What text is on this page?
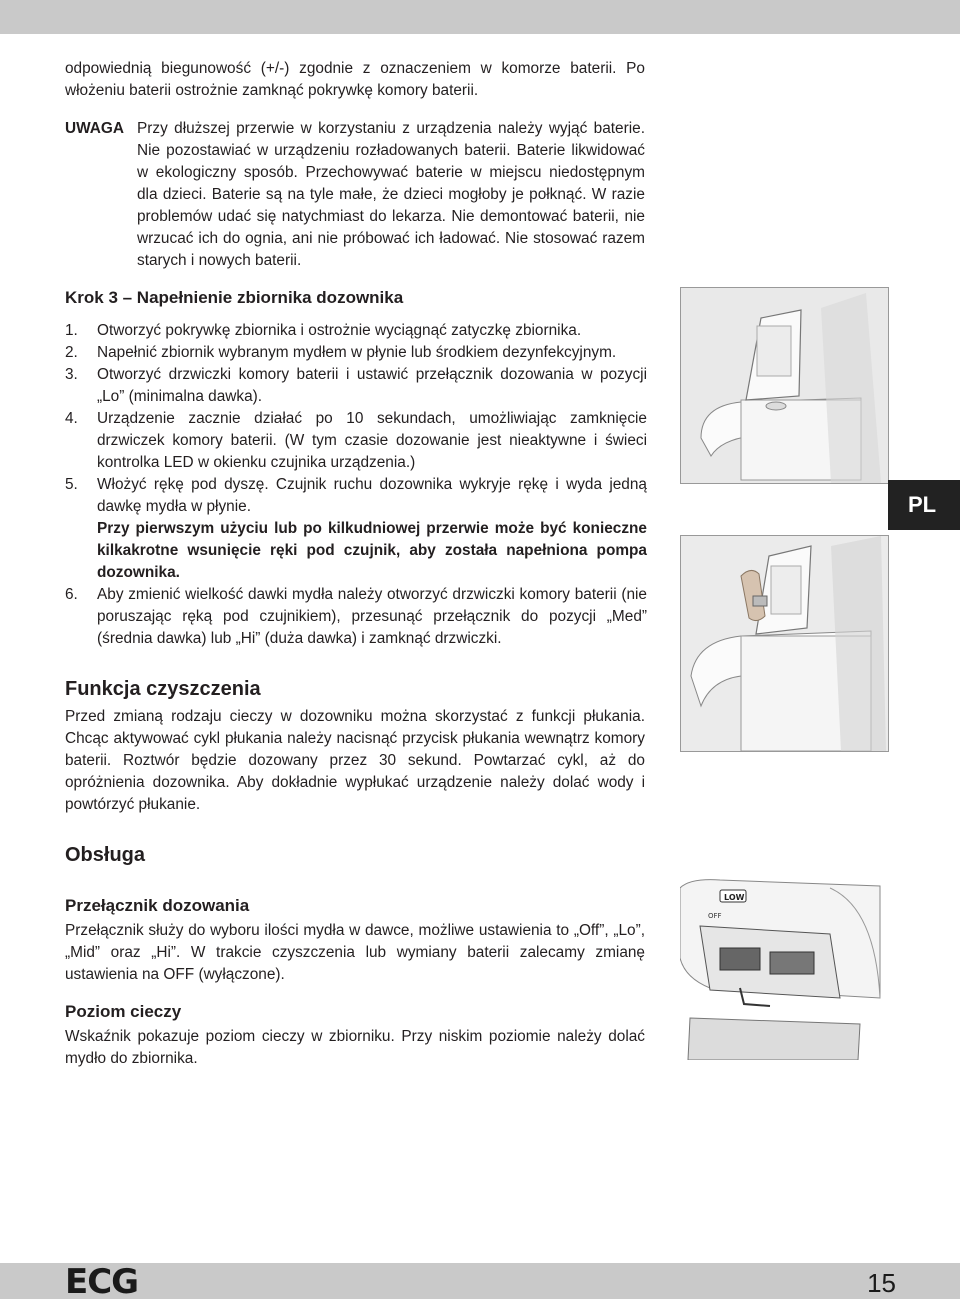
odpowiednią biegunowość (+/-) zgodnie z oznaczeniem w komorze baterii. Po włożeniu baterii ostrożnie zamknąć pokrywkę komory baterii.

UWAGA Przy dłuższej przerwie w korzystaniu z urządzenia należy wyjąć baterie. Nie pozostawiać w urządzeniu rozładowanych baterii. Baterie likwidować w ekologiczny sposób. Przechowywać baterie w miejscu niedostępnym dla dzieci. Baterie są na tyle małe, że dzieci mogłoby je połknąć. W razie problemów udać się natychmiast do lekarza. Nie demontować baterii, nie wrzucać ich do ognia, ani nie próbować ich ładować. Nie stosować razem starych i nowych baterii.
Krok 3 – Napełnienie zbiornika dozownika
1.	Otworzyć pokrywkę zbiornika i ostrożnie wyciągnąć zatyczkę zbiornika.
2.	Napełnić zbiornik wybranym mydłem w płynie lub środkiem dezynfekcyjnym.
3.	Otworzyć drzwiczki komory baterii i ustawić przełącznik dozowania w pozycji „Lo” (minimalna dawka).
4.	Urządzenie zacznie działać po 10 sekundach, umożliwiając zamknięcie drzwiczek komory baterii. (W tym czasie dozowanie jest nieaktywne i świeci kontrolka LED w okienku czujnika urządzenia.)
5.	Włożyć rękę pod dyszę. Czujnik ruchu dozownika wykryje rękę i wyda jedną dawkę mydła w płynie.
Przy pierwszym użyciu lub po kilkudniowej przerwie może być konieczne kilkakrotne wsunięcie ręki pod czujnik, aby została napełniona pompa dozownika.
6.	Aby zmienić wielkość dawki mydła należy otworzyć drzwiczki komory baterii (nie poruszając ręką pod czujnikiem), przesunąć przełącznik do pozycji „Med” (średnia dawka) lub „Hi” (duża dawka) i zamknąć drzwiczki.
Funkcja czyszczenia

Przed zmianą rodzaju cieczy w dozowniku można skorzystać z funkcji płukania. Chcąc aktywować cykl płukania należy nacisnąć przycisk płukania wewnątrz komory baterii. Roztwór będzie dozowany przez 30 sekund. Powtarzać cykl, aż do opróżnienia dozownika. Aby dokładnie wypłukać urządzenie należy dolać wody i powtórzyć płukanie.

Obsługa
Przełącznik dozowania

Przełącznik służy do wyboru ilości mydła w dawce, możliwe ustawienia to „Off”, „Lo”, „Mid” oraz „Hi”. W trakcie czyszczenia lub wymiany baterii zalecamy zmianę ustawienia na OFF (wyłączone).

Poziom cieczy

Wskaźnik pokazuje poziom cieczy w zbiorniku. Przy niskim poziomie należy dolać mydło do zbiornika.

LOW
OFF
PL
ECG	15
